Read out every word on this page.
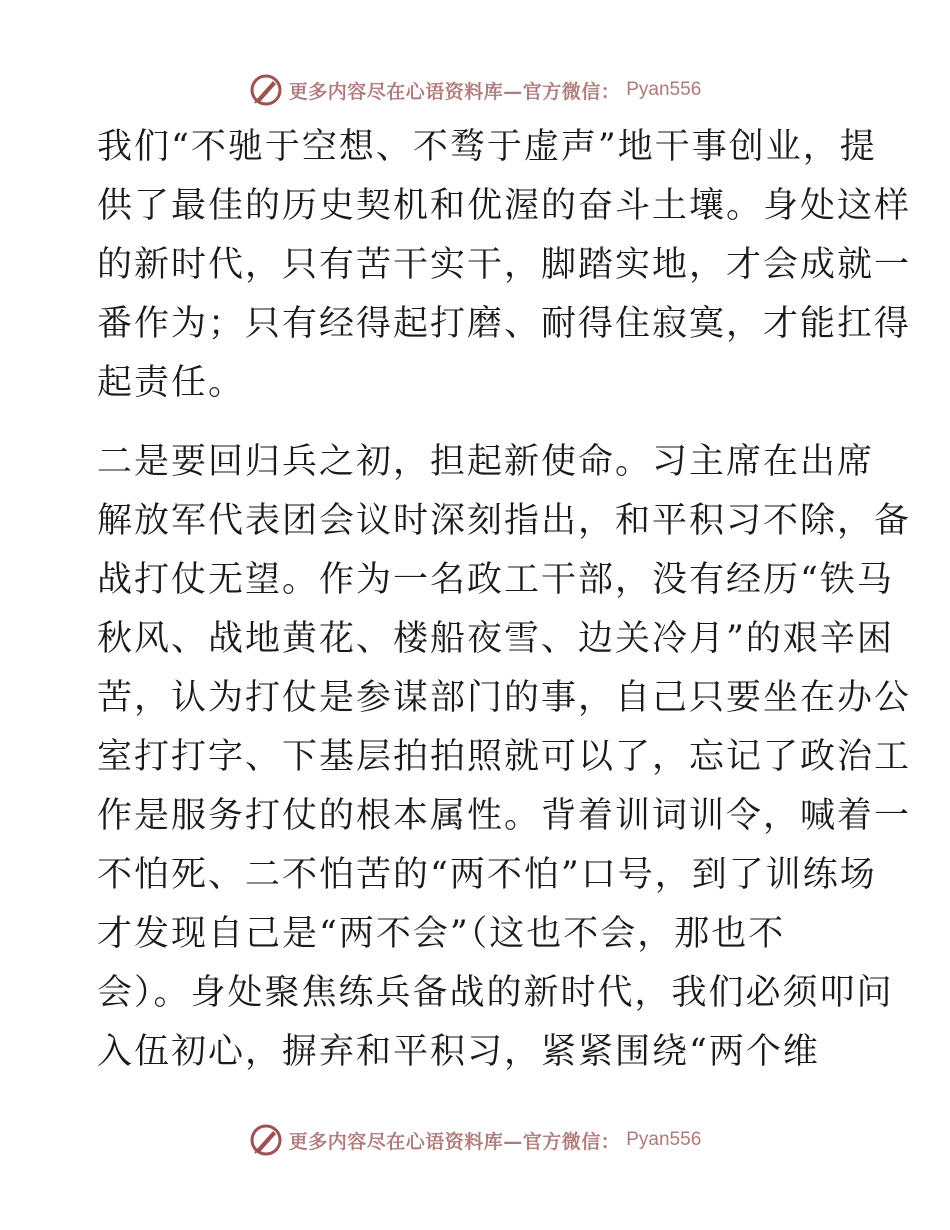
更多内容尽在心语资料库—官方微信： Pyan556
我们“不驰于空想、不骛于虚声”地干事创业，提
供了最佳的历史契机和优渥的奋斗土壤。身处这样
的新时代，只有苦干实干，脚踏实地，才会成就一
番作为；只有经得起打磨、耐得住寂寞，才能扛得
起责任。
二是要回归兵之初，担起新使命。习主席在出席
解放军代表团会议时深刻指出，和平积习不除，备
战打仗无望。作为一名政工干部，没有经历“铁马
秋风、战地黄花、楼船夜雪、边关冷月”的艰辛困
苦，认为打仗是参谋部门的事，自己只要坐在办公
室打打字、下基层拍拍照就可以了，忘记了政治工
作是服务打仗的根本属性。背着训词训令，喊着一
不怕死、二不怕苦的“两不怕”口号，到了训练场
才发现自己是“两不会”（这也不会，那也不
会）。身处聚焦练兵备战的新时代，我们必须叩问
入伍初心，摒弃和平积习，紧紧围绕“两个维
更多内容尽在心语资料库—官方微信： Pyan556
